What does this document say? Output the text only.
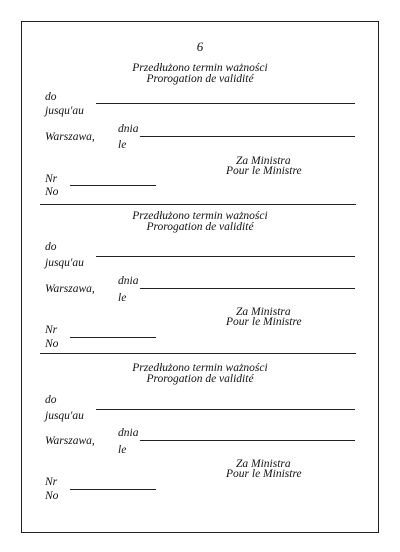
6
Przedłużono termin ważności
Prorogation de validité
do
jusqu'au
dnia
Warszawa,
le
Za Ministra
Pour le Ministre
Nr
No
Przedłużono termin ważności
Prorogation de validité
do
jusqu'au
dnia
Warszawa,
le
Za Ministra
Pour le Ministre
Nr
No
Przedłużono termin ważności
Prorogation de validité
do
jusqu'au
dnia
Warszawa,
le
Za Ministra
Pour le Ministre
Nr
No
